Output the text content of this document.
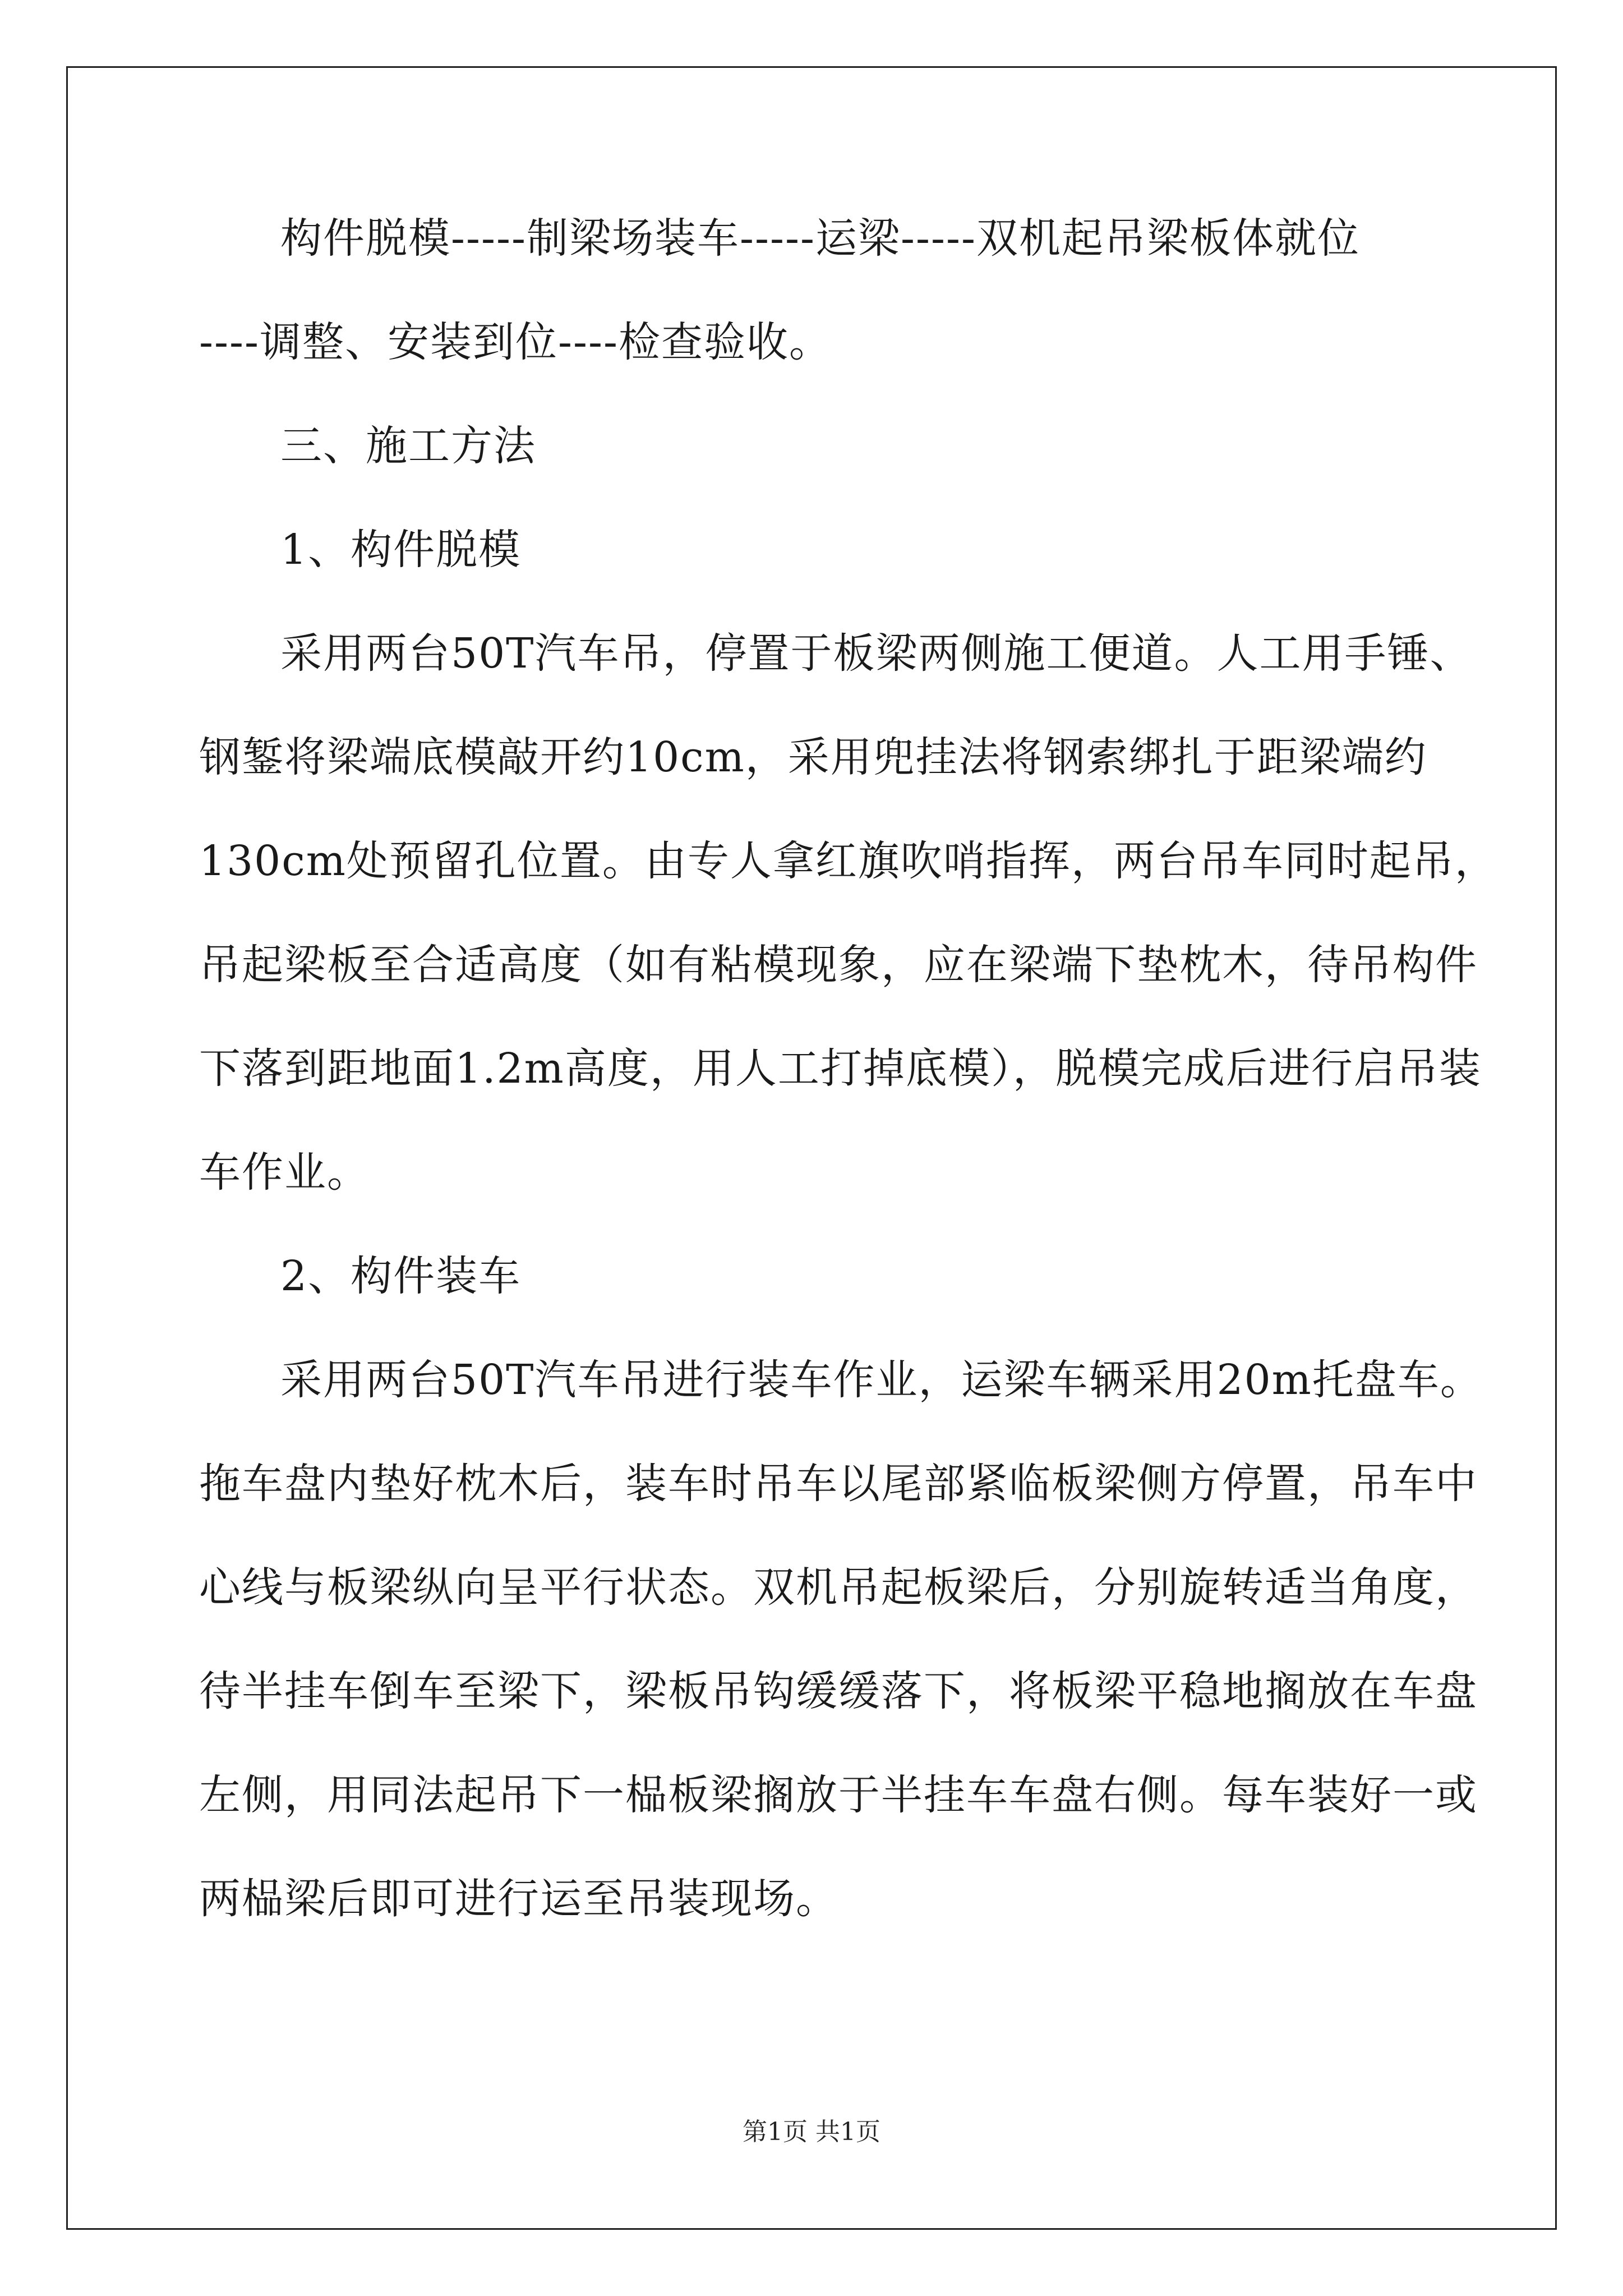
构件脱模-----制梁场装车-----运梁-----双机起吊梁板体就位
----调整、安装到位----检查验收。
三、施工方法
1、构件脱模
采用两台50T汽车吊，停置于板梁两侧施工便道。人工用手锤、
钢錾将梁端底模敲开约10cm，采用兜挂法将钢索绑扎于距梁端约
130cm处预留孔位置。由专人拿红旗吹哨指挥，两台吊车同时起吊，
吊起梁板至合适高度（如有粘模现象，应在梁端下垫枕木，待吊构件
下落到距地面1.2m高度，用人工打掉底模），脱模完成后进行启吊装
车作业。
2、构件装车
采用两台50T汽车吊进行装车作业，运梁车辆采用20m托盘车。
拖车盘内垫好枕木后，装车时吊车以尾部紧临板梁侧方停置，吊车中
心线与板梁纵向呈平行状态。双机吊起板梁后，分别旋转适当角度，
待半挂车倒车至梁下，梁板吊钩缓缓落下，将板梁平稳地搁放在车盘
左侧，用同法起吊下一榀板梁搁放于半挂车车盘右侧。每车装好一或
两榀梁后即可进行运至吊装现场。
第1页 共1页
